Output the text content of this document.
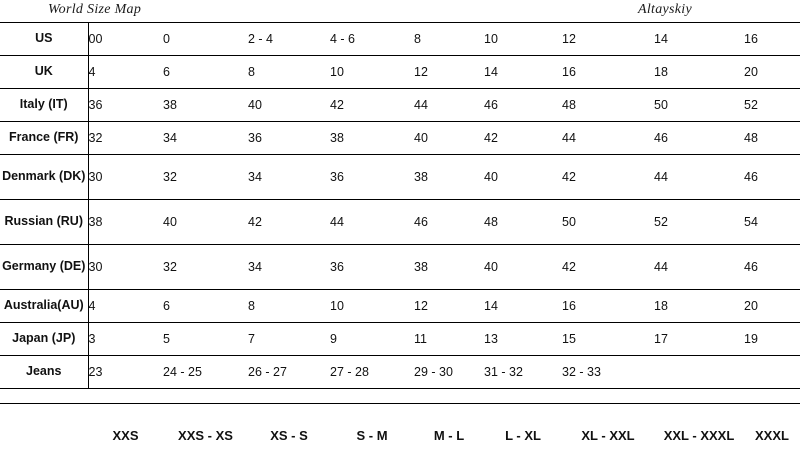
World Size Map	Altayskiy
US	00	0	2 - 4	4 - 6	8	10	12	14	16
UK	4	6	8	10	12	14	16	18	20
Italy (IT)	36	38	40	42	44	46	48	50	52
France (FR)	32	34	36	38	40	42	44	46	48
Denmark (DK)	30	32	34	36	38	40	42	44	46
Russian (RU)	38	40	42	44	46	48	50	52	54
Germany (DE)	30	32	34	36	38	40	42	44	46
Australia(AU)	4	6	8	10	12	14	16	18	20
Japan (JP)	3	5	7	9	11	13	15	17	19
Jeans	23	24 - 25	26 - 27	27 - 28	29 - 30	31 - 32	32 - 33		
	XXS	XXS - XS	XS - S	S - M	M - L	L - XL	XL - XXL	XXL - XXXL	XXXL
